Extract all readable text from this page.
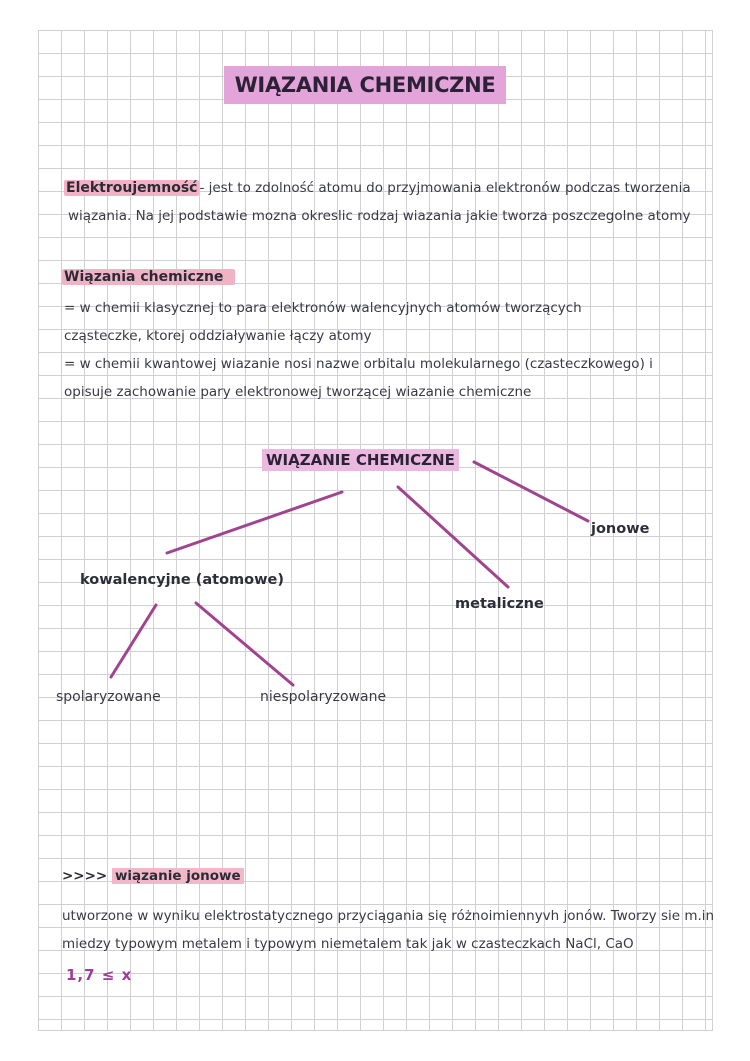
WIĄZANIA CHEMICZNE
Elektroujemność - jest to zdolność atomu do przyjmowania elektronów podczas tworzenia
wiązania. Na jej podstawie mozna okreslic rodzaj wiazania jakie tworza poszczegolne atomy
Wiązania chemiczne
= w chemii klasycznej to para elektronów walencyjnych atomów tworzących
cząsteczke, ktorej oddziaływanie łączy atomy
= w chemii kwantowej wiazanie nosi nazwe orbitalu molekularnego (czasteczkowego) i
opisuje zachowanie pary elektronowej tworzącej wiazanie chemiczne
WIĄZANIE CHEMICZNE
kowalencyjne (atomowe)
metaliczne
jonowe
spolaryzowane	niespolaryzowane
>>>> wiązanie jonowe
utworzone w wyniku elektrostatycznego przyciągania się różnoimiennyvh jonów. Tworzy sie m.in
miedzy typowym metalem i typowym niemetalem tak jak w czasteczkach NaCl, CaO
1,7 ≤ x
